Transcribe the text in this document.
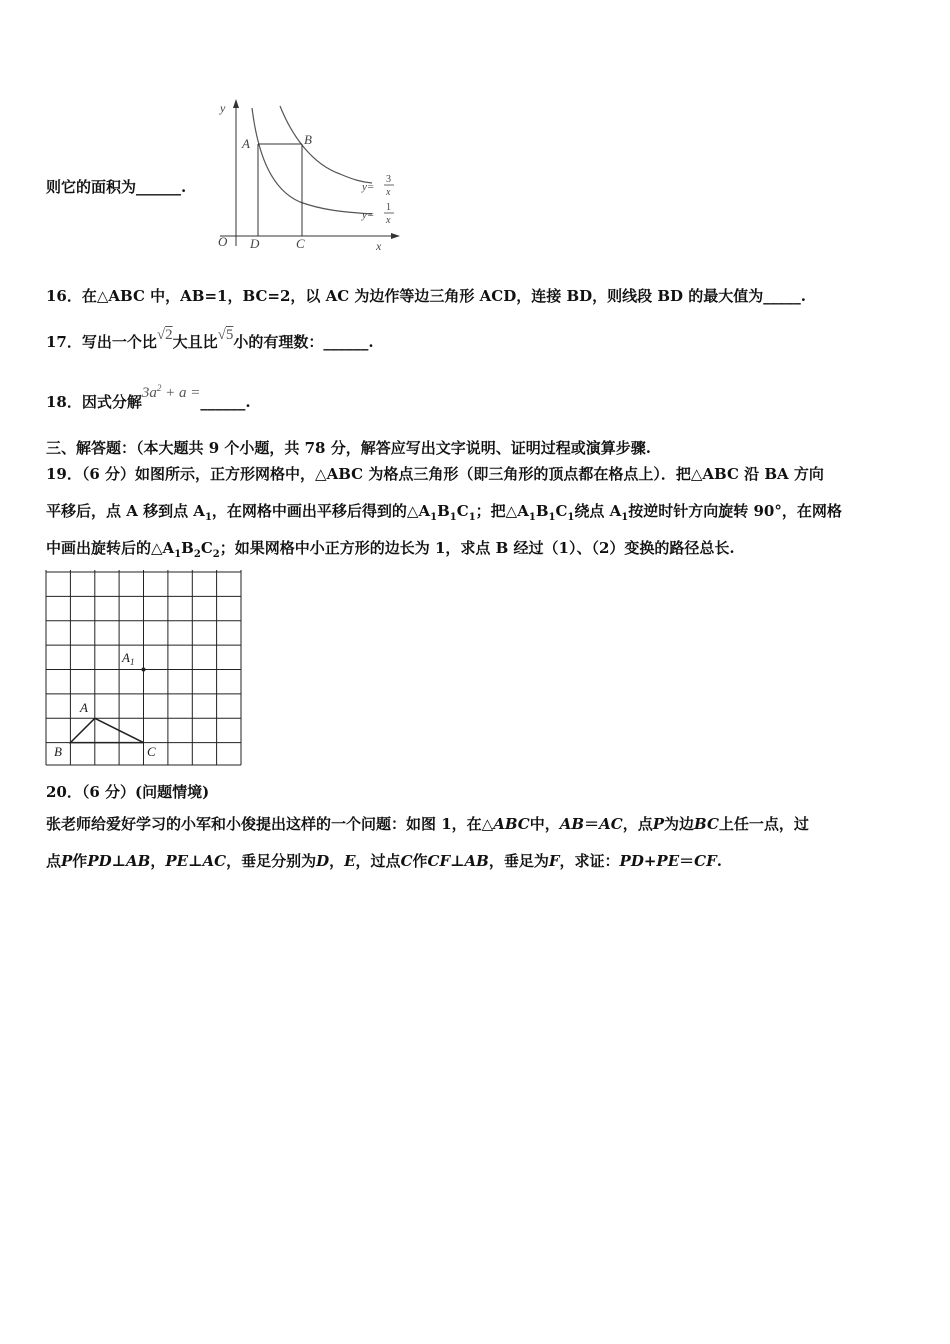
则它的面积为______.
y
x
O
A	B
C
D
y=
3
x
y=
1
x
16．在△ABC 中，AB=1，BC=2，以 AC 为边作等边三角形 ACD，连接 BD，则线段 BD 的最大值为_____.
17．写出一个比√2大且比√5小的有理数：______.
18．因式分解$3a^2 + a$ =______.
三、解答题：（本大题共 9 个小题，共 78 分，解答应写出文字说明、证明过程或演算步骤.
19．（6 分）如图所示，正方形网格中，△ABC 为格点三角形（即三角形的顶点都在格点上）．把△ABC 沿 BA 方向
平移后，点 A 移到点 $A_1$，在网格中画出平移后得到的$\triangle A_1B_1C_1$；把$\triangle A_1B_1C_1$绕点 $A_1$按逆时针方向旋转 90°，在网格
中画出旋转后的$\triangle A_1B_2C_2$；如果网格中小正方形的边长为 1，求点 B 经过（1）、（2）变换的路径总长.
A
B	C
$A_1$
20．（6 分）(问题情境)
张老师给爱好学习的小军和小俊提出这样的一个问题：如图 1，在△ABC中，AB＝AC，点P为边BC上任一点，过
点P作PD⊥AB，PE⊥AC，垂足分别为D，E，过点C作CF⊥AB，垂足为F，求证：PD+PE＝CF.
